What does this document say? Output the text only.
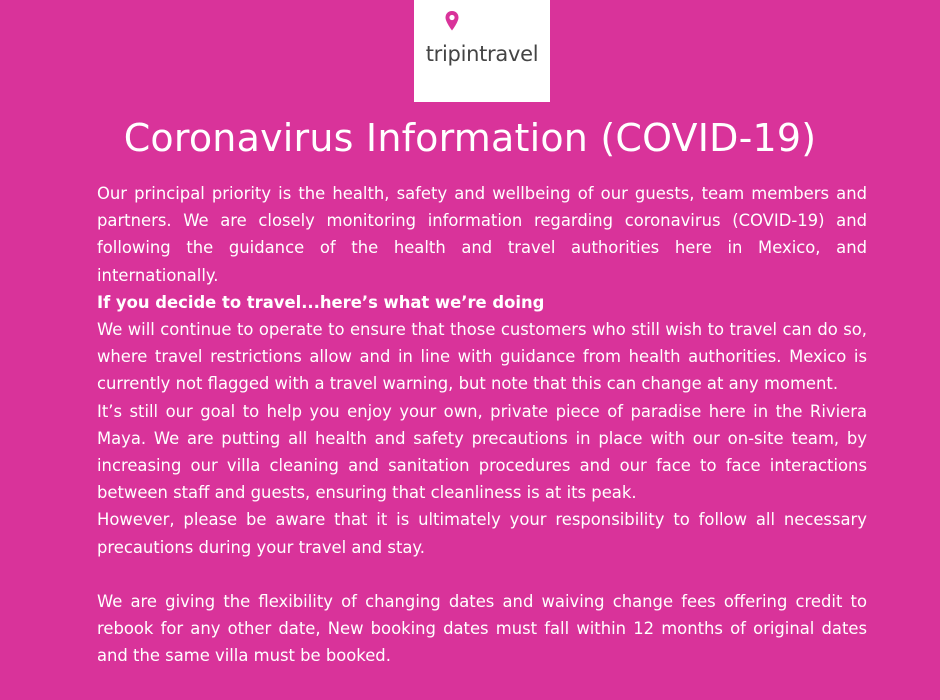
tripintravel
Coronavirus Information (COVID-19)

Our principal priority is the health, safety and wellbeing of our guests, team members and partners. We are closely monitoring information regarding coronavirus (COVID-19) and following the guidance of the health and travel authorities here in Mexico, and internationally.

If you decide to travel...here’s what we’re doing

We will continue to operate to ensure that those customers who still wish to travel can do so, where travel restrictions allow and in line with guidance from health authorities. Mexico is currently not flagged with a travel warning, but note that this can change at any moment.

It’s still our goal to help you enjoy your own, private piece of paradise here in the Riviera Maya. We are putting all health and safety precautions in place with our on-site team, by increasing our villa cleaning and sanitation procedures and our face to face interactions between staff and guests, ensuring that cleanliness is at its peak.

However, please be aware that it is ultimately your responsibility to follow all necessary precautions during your travel and stay.

We are giving the flexibility of changing dates and waiving change fees offering credit to rebook for any other date, New booking dates must fall within 12 months of original dates and the same villa must be booked.
